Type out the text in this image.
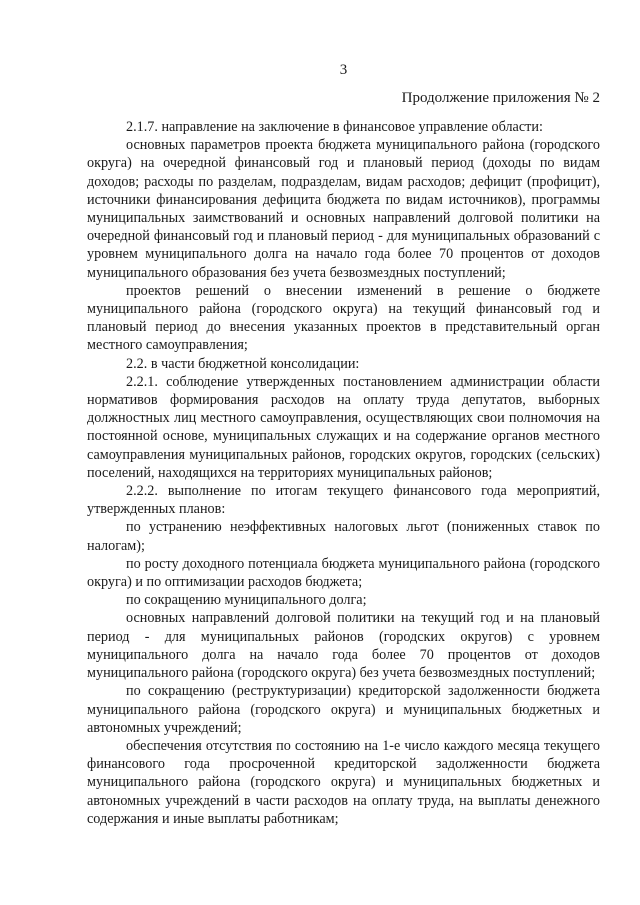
3
Продолжение приложения № 2

2.1.7. направление на заключение в финансовое управление области:

основных параметров проекта бюджета муниципального района (городского округа) на очередной финансовый год и плановый период (доходы по видам доходов; расходы по разделам, подразделам, видам расходов; дефицит (профицит), источники финансирования дефицита бюджета по видам источников), программы муниципальных заимствований и основных направлений долговой политики на очередной финансовый год и плановый период - для муниципальных образований с уровнем муниципального долга на начало года более 70 процентов от доходов муниципального образования без учета безвозмездных поступлений;

проектов решений о внесении изменений в решение о бюджете муниципального района (городского округа) на текущий финансовый год и плановый период до внесения указанных проектов в представительный орган местного самоуправления;

2.2. в части бюджетной консолидации:

2.2.1. соблюдение утвержденных постановлением администрации области нормативов формирования расходов на оплату труда депутатов, выборных должностных лиц местного самоуправления, осуществляющих свои полномочия на постоянной основе, муниципальных служащих и на содержание органов местного самоуправления муниципальных районов, городских округов, городских (сельских) поселений, находящихся на территориях муниципальных районов;

2.2.2. выполнение по итогам текущего финансового года мероприятий, утвержденных планов:

по устранению неэффективных налоговых льгот (пониженных ставок по налогам);

по росту доходного потенциала бюджета муниципального района (городского округа) и по оптимизации расходов бюджета;

по сокращению муниципального долга;

основных направлений долговой политики на текущий год и на плановый период - для муниципальных районов (городских округов) с уровнем муниципального долга на начало года более 70 процентов от доходов муниципального района (городского округа) без учета безвозмездных поступлений;

по сокращению (реструктуризации) кредиторской задолженности бюджета муниципального района (городского округа) и муниципальных бюджетных и автономных учреждений;

обеспечения отсутствия по состоянию на 1-е число каждого месяца текущего финансового года просроченной кредиторской задолженности бюджета муниципального района (городского округа) и муниципальных бюджетных и автономных учреждений в части расходов на оплату труда, на выплаты денежного содержания и иные выплаты работникам;
